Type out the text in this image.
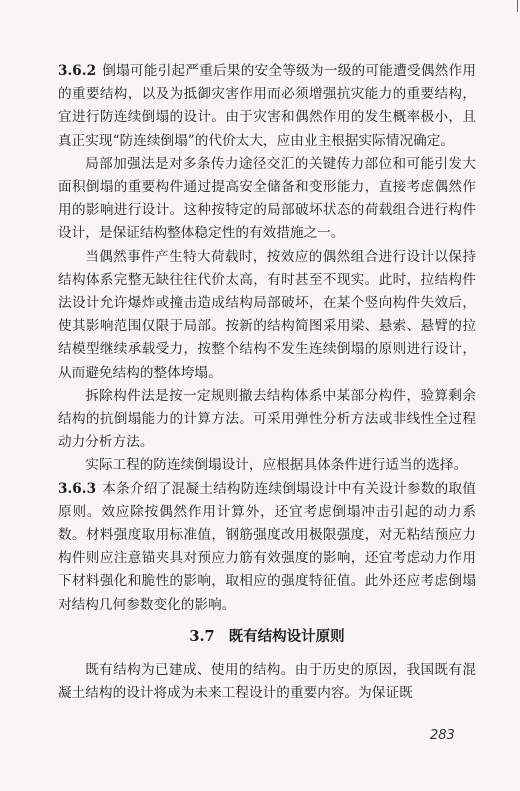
3.6.2 倒塌可能引起严重后果的安全等级为一级的可能遭受偶然作用的重要结构，以及为抵御灾害作用而必须增强抗灾能力的重要结构，宜进行防连续倒塌的设计。由于灾害和偶然作用的发生概率极小，且真正实现“防连续倒塌”的代价太大，应由业主根据实际情况确定。

局部加强法是对多条传力途径交汇的关键传力部位和可能引发大面积倒塌的重要构件通过提高安全储备和变形能力，直接考虑偶然作用的影响进行设计。这种按特定的局部破坏状态的荷载组合进行构件设计，是保证结构整体稳定性的有效措施之一。

当偶然事件产生特大荷载时，按效应的偶然组合进行设计以保持结构体系完整无缺往往代价太高，有时甚至不现实。此时，拉结构件法设计允许爆炸或撞击造成结构局部破坏，在某个竖向构件失效后，使其影响范围仅限于局部。按新的结构简图采用梁、悬索、悬臂的拉结模型继续承载受力，按整个结构不发生连续倒塌的原则进行设计，从而避免结构的整体垮塌。

拆除构件法是按一定规则撤去结构体系中某部分构件，验算剩余结构的抗倒塌能力的计算方法。可采用弹性分析方法或非线性全过程动力分析方法。

实际工程的防连续倒塌设计，应根据具体条件进行适当的选择。

3.6.3 本条介绍了混凝土结构防连续倒塌设计中有关设计参数的取值原则。效应除按偶然作用计算外，还宜考虑倒塌冲击引起的动力系数。材料强度取用标准值，钢筋强度改用极限强度，对无粘结预应力构件则应注意锚夹具对预应力筋有效强度的影响，还宜考虑动力作用下材料强化和脆性的影响，取相应的强度特征值。此外还应考虑倒塌对结构几何参数变化的影响。

3.7 既有结构设计原则

既有结构为已建成、使用的结构。由于历史的原因，我国既有混凝土结构的设计将成为未来工程设计的重要内容。为保证既

283
